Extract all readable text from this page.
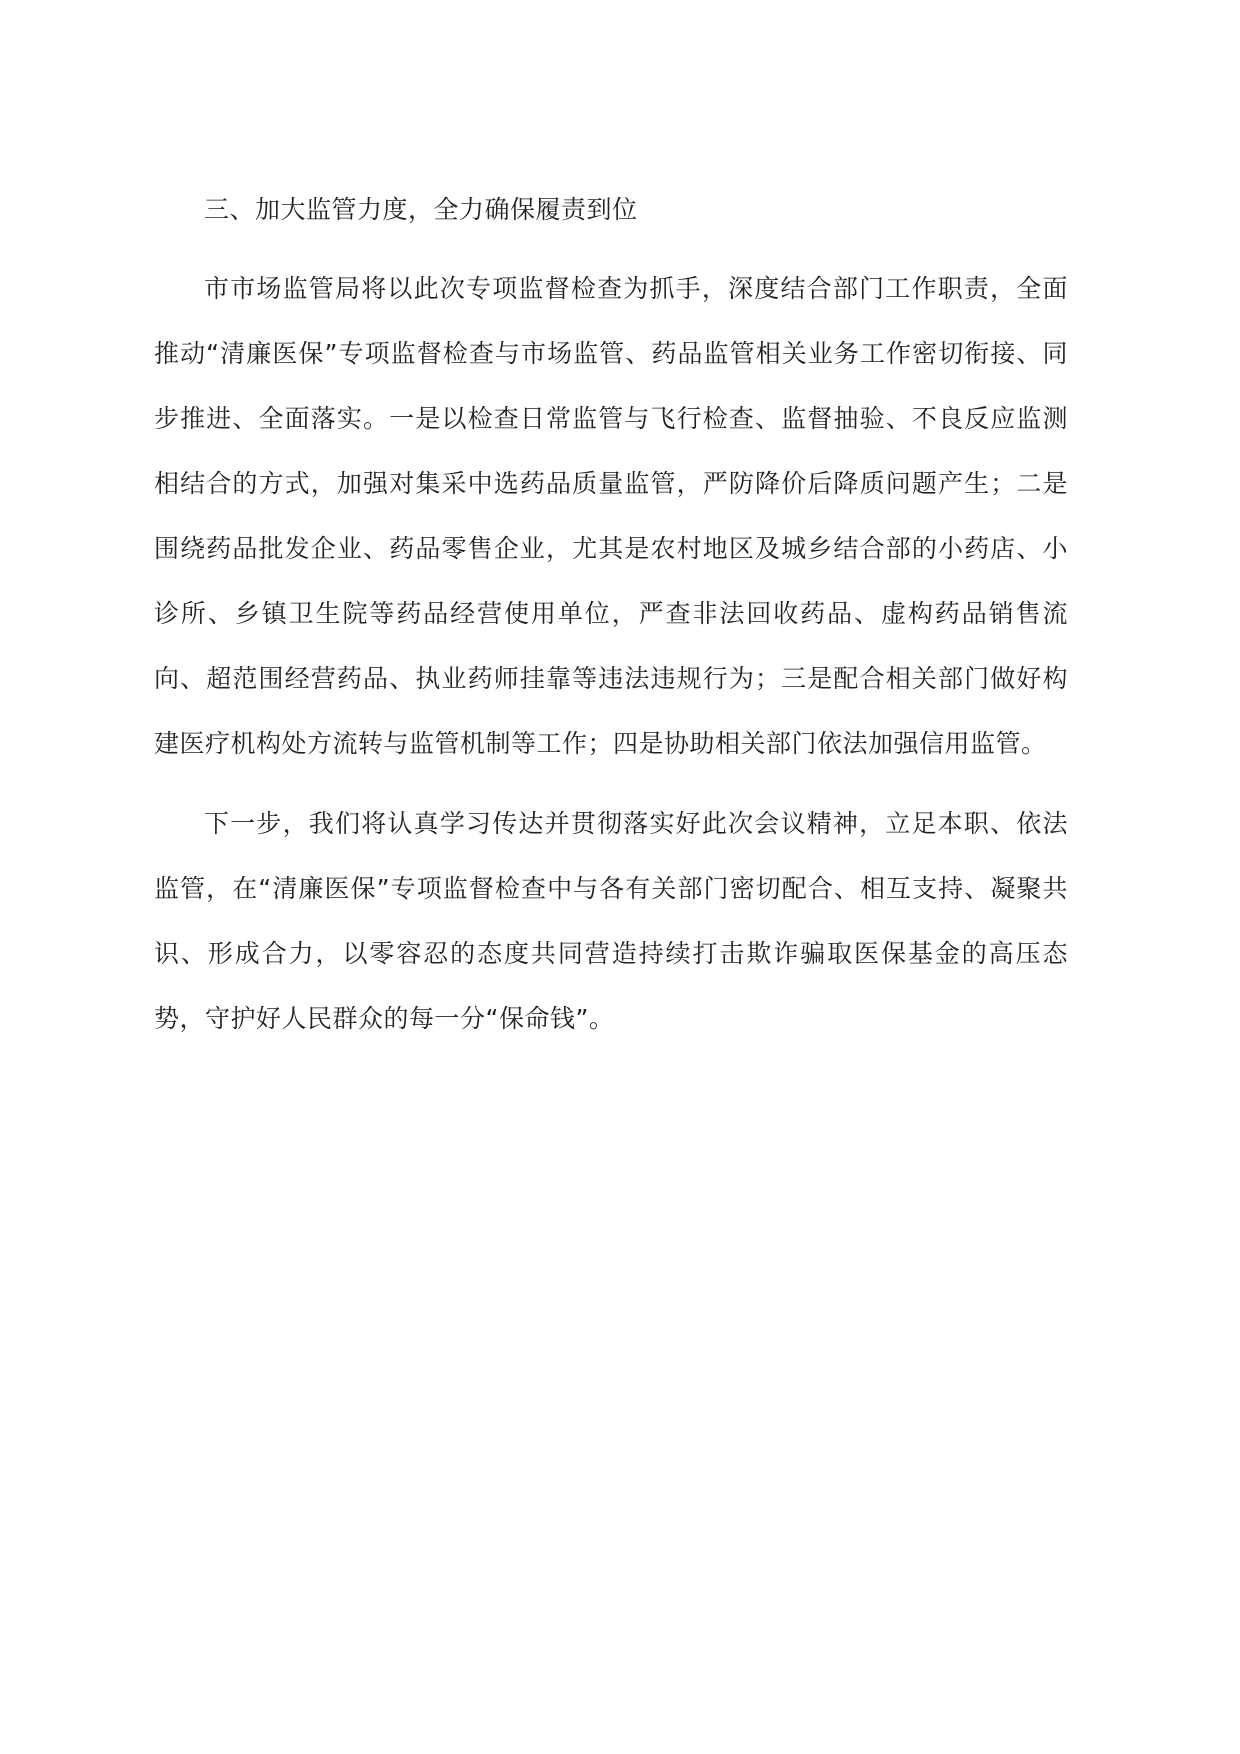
三、加大监管力度，全力确保履责到位

市市场监管局将以此次专项监督检查为抓手，深度结合部门工作职责，全面推动“清廉医保”专项监督检查与市场监管、药品监管相关业务工作密切衔接、同步推进、全面落实。一是以检查日常监管与飞行检查、监督抽验、不良反应监测相结合的方式，加强对集采中选药品质量监管，严防降价后降质问题产生；二是围绕药品批发企业、药品零售企业，尤其是农村地区及城乡结合部的小药店、小诊所、乡镇卫生院等药品经营使用单位，严查非法回收药品、虚构药品销售流向、超范围经营药品、执业药师挂靠等违法违规行为；三是配合相关部门做好构建医疗机构处方流转与监管机制等工作；四是协助相关部门依法加强信用监管。

下一步，我们将认真学习传达并贯彻落实好此次会议精神，立足本职、依法监管，在“清廉医保”专项监督检查中与各有关部门密切配合、相互支持、凝聚共识、形成合力，以零容忍的态度共同营造持续打击欺诈骗取医保基金的高压态势，守护好人民群众的每一分“保命钱”。
